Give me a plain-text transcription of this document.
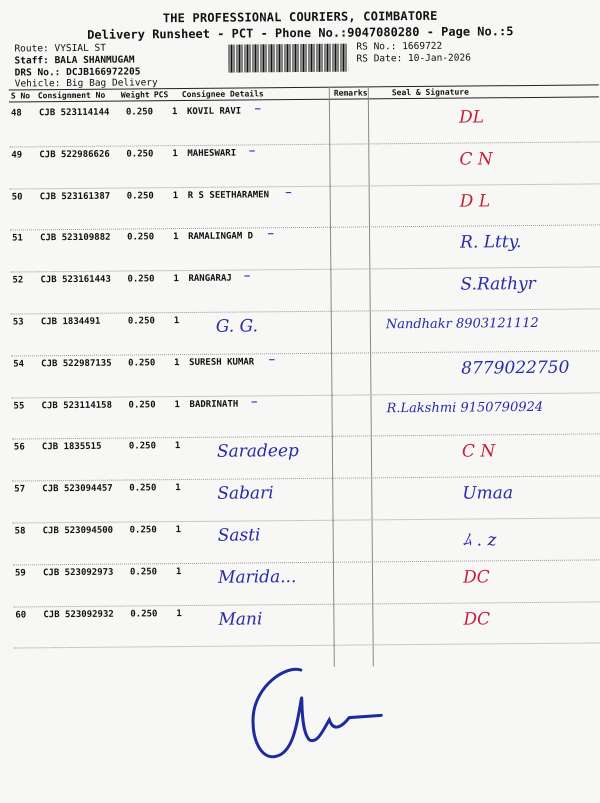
THE PROFESSIONAL COURIERS, COIMBATORE
Delivery Runsheet - PCT - Phone No.:9047080280 - Page No.:5
Route: VYSIAL ST
Staff: BALA SHANMUGAM
DRS No.: DCJB166972205
Vehicle: Big Bag Delivery
RS No.: 1669722
RS Date: 10-Jan-2026
S No Consignment No Weight PCS Consignee Details	Remarks	Seal & Signature
48 CJB 523114144 0.250 1 KOVIL RAVI —	DL
49 CJB 522986626 0.250 1 MAHESWARI —	C N
50 CJB 523161387 0.250 1 R S SEETHARAMEN —	D L
51 CJB 523109882 0.250 1 RAMALINGAM D —	R. Ltty.
52 CJB 523161443 0.250 1 RANGARAJ —	S.Rathyr
53 CJB 1834491	0.250 1 G. G.	Nandhakr 8903121112
54 CJB 522987135 0.250 1 SURESH KUMAR —	8779022750
55 CJB 523114158 0.250 1 BADRINATH —	R.Lakshmi 9150790924
56 CJB 1835515	0.250 1 Saradeep	C N
57 CJB 523094457 0.250 1 Sabari	Umaa
58 CJB 523094500 0.250 1 Sasti	ﾑ . z
59 CJB 523092973 0.250 1 Marida...	DC
60 CJB 523092932 0.250 1 Mani	DC
